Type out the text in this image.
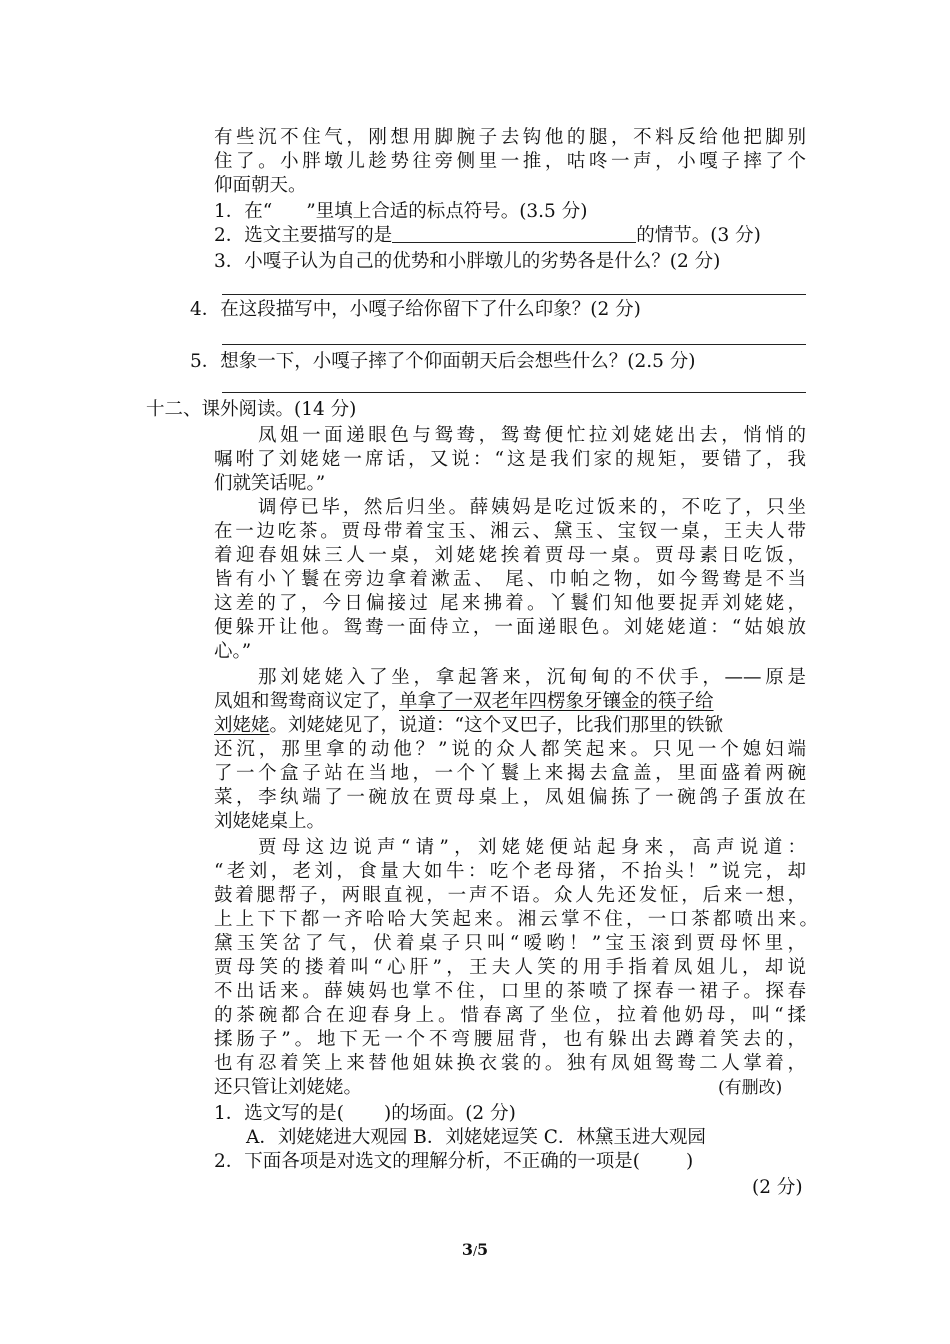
有些沉不住气，刚想用脚腕子去钩他的腿，不料反给他把脚别
住了。小胖墩儿趁势往旁侧里一推，咕咚一声，小嘎子摔了个
仰面朝天。
1．在“ ”里填上合适的标点符号。(3.5 分)
2．选文主要描写的是	的情节。(3 分)
3．小嘎子认为自己的优势和小胖墩儿的劣势各是什么？(2 分)
4．在这段描写中，小嘎子给你留下了什么印象？(2 分)
5．想象一下，小嘎子摔了个仰面朝天后会想些什么？(2.5 分)
十二、课外阅读。(14 分)
凤姐一面递眼色与鸳鸯，鸳鸯便忙拉刘姥姥出去，悄悄的
嘱咐了刘姥姥一席话，又说：“这是我们家的规矩，要错了，我
们就笑话呢。”
调停已毕，然后归坐。薛姨妈是吃过饭来的，不吃了，只坐
在一边吃茶。贾母带着宝玉、湘云、黛玉、宝钗一桌，王夫人带
着迎春姐妹三人一桌，刘姥姥挨着贾母一桌。贾母素日吃饭，
皆有小丫鬟在旁边拿着漱盂、 尾、巾帕之物，如今鸳鸯是不当
这差的了，今日偏接过 尾来拂着。丫鬟们知他要捉弄刘姥姥，
便躲开让他。鸳鸯一面侍立，一面递眼色。刘姥姥道：“姑娘放
心。”
那刘姥姥入了坐，拿起箸来，沉甸甸的不伏手，——原是
凤姐和鸳鸯商议定了，单拿了一双老年四楞象牙镶金的筷子给
刘姥姥。刘姥姥见了，说道：“这个叉巴子，比我们那里的铁锨
还沉，那里拿的动他？”说的众人都笑起来。只见一个媳妇端
了一个盒子站在当地，一个丫鬟上来揭去盒盖，里面盛着两碗
菜，李纨端了一碗放在贾母桌上，凤姐偏拣了一碗鸽子蛋放在
刘姥姥桌上。
贾母这边说声“请”，刘姥姥便站起身来，高声说道：
“老刘，老刘，食量大如牛：吃个老母猪，不抬头！”说完，却
鼓着腮帮子，两眼直视，一声不语。众人先还发怔，后来一想，
上上下下都一齐哈哈大笑起来。湘云掌不住，一口茶都喷出来。
黛玉笑岔了气，伏着桌子只叫“嗳哟！”宝玉滚到贾母怀里，
贾母笑的搂着叫“心肝”，王夫人笑的用手指着凤姐儿，却说
不出话来。薛姨妈也掌不住，口里的茶喷了探春一裙子。探春
的茶碗都合在迎春身上。惜春离了坐位，拉着他奶母，叫“揉
揉肠子”。地下无一个不弯腰屈背，也有躲出去蹲着笑去的，
也有忍着笑上来替他姐妹换衣裳的。独有凤姐鸳鸯二人掌着，
还只管让刘姥姥。	(有删改)
1．选文写的是( )的场面。(2 分)
A．刘姥姥进大观园 B．刘姥姥逗笑 C．林黛玉进大观园
2．下面各项是对选文的理解分析，不正确的一项是( )
(2 分)
3/5
